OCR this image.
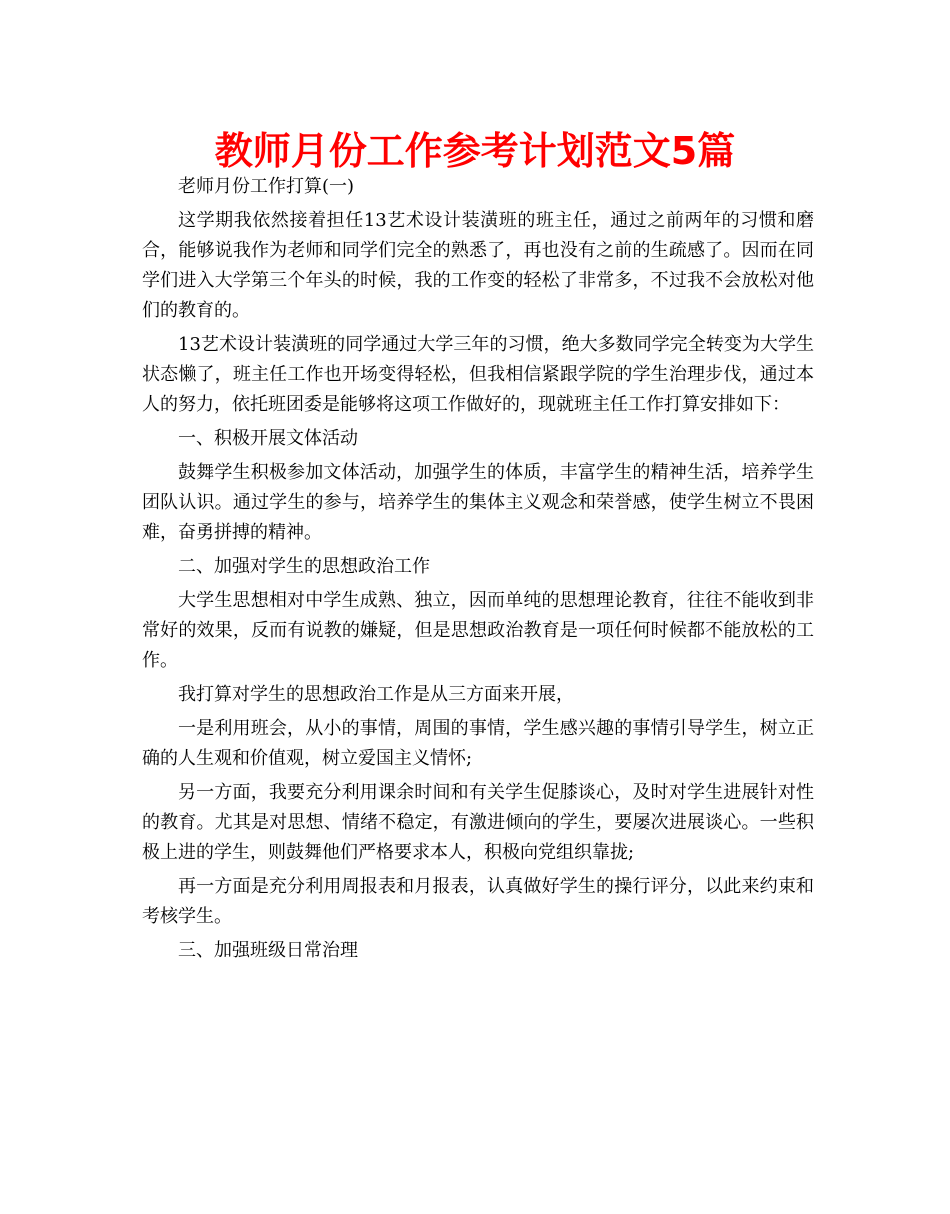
教师月份工作参考计划范文5篇

老师月份工作打算(一)

这学期我依然接着担任13艺术设计装潢班的班主任，通过之前两年的习惯和磨合，能够说我作为老师和同学们完全的熟悉了，再也没有之前的生疏感了。因而在同学们进入大学第三个年头的时候，我的工作变的轻松了非常多，不过我不会放松对他们的教育的。

13艺术设计装潢班的同学通过大学三年的习惯，绝大多数同学完全转变为大学生状态懒了，班主任工作也开场变得轻松，但我相信紧跟学院的学生治理步伐，通过本人的努力，依托班团委是能够将这项工作做好的，现就班主任工作打算安排如下：

一、积极开展文体活动

鼓舞学生积极参加文体活动，加强学生的体质，丰富学生的精神生活，培养学生团队认识。通过学生的参与，培养学生的集体主义观念和荣誉感，使学生树立不畏困难，奋勇拼搏的精神。

二、加强对学生的思想政治工作

大学生思想相对中学生成熟、独立，因而单纯的思想理论教育，往往不能收到非常好的效果，反而有说教的嫌疑，但是思想政治教育是一项任何时候都不能放松的工作。

我打算对学生的思想政治工作是从三方面来开展，

一是利用班会，从小的事情，周围的事情，学生感兴趣的事情引导学生，树立正确的人生观和价值观，树立爱国主义情怀;

另一方面，我要充分利用课余时间和有关学生促膝谈心，及时对学生进展针对性的教育。尤其是对思想、情绪不稳定，有激进倾向的学生，要屡次进展谈心。一些积极上进的学生，则鼓舞他们严格要求本人，积极向党组织靠拢;

再一方面是充分利用周报表和月报表，认真做好学生的操行评分，以此来约束和考核学生。

三、加强班级日常治理
